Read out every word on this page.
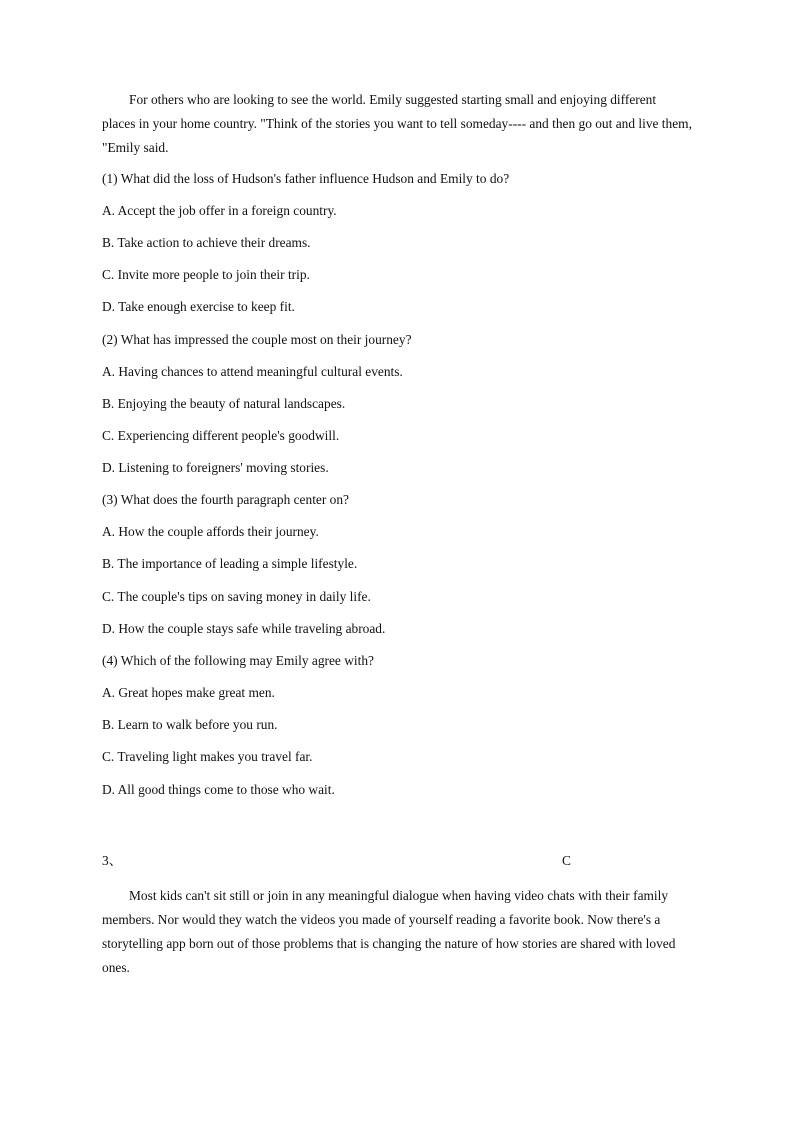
For others who are looking to see the world. Emily suggested starting small and enjoying different places in your home country. "Think of the stories you want to tell someday---- and then go out and live them, "Emily said.

(1) What did the loss of Hudson's father influence Hudson and Emily to do?

A. Accept the job offer in a foreign country.

B. Take action to achieve their dreams.

C. Invite more people to join their trip.

D. Take enough exercise to keep fit.

(2) What has impressed the couple most on their journey?

A. Having chances to attend meaningful cultural events.

B. Enjoying the beauty of natural landscapes.

C. Experiencing different people's goodwill.

D. Listening to foreigners' moving stories.

(3) What does the fourth paragraph center on?

A. How the couple affords their journey.

B. The importance of leading a simple lifestyle.

C. The couple's tips on saving money in daily life.

D. How the couple stays safe while traveling abroad.

(4) Which of the following may Emily agree with?

A. Great hopes make great men.

B. Learn to walk before you run.

C. Traveling light makes you travel far.

D. All good things come to those who wait.

3、	C

Most kids can't sit still or join in any meaningful dialogue when having video chats with their family members. Nor would they watch the videos you made of yourself reading a favorite book. Now there's a storytelling app born out of those problems that is changing the nature of how stories are shared with loved ones.
